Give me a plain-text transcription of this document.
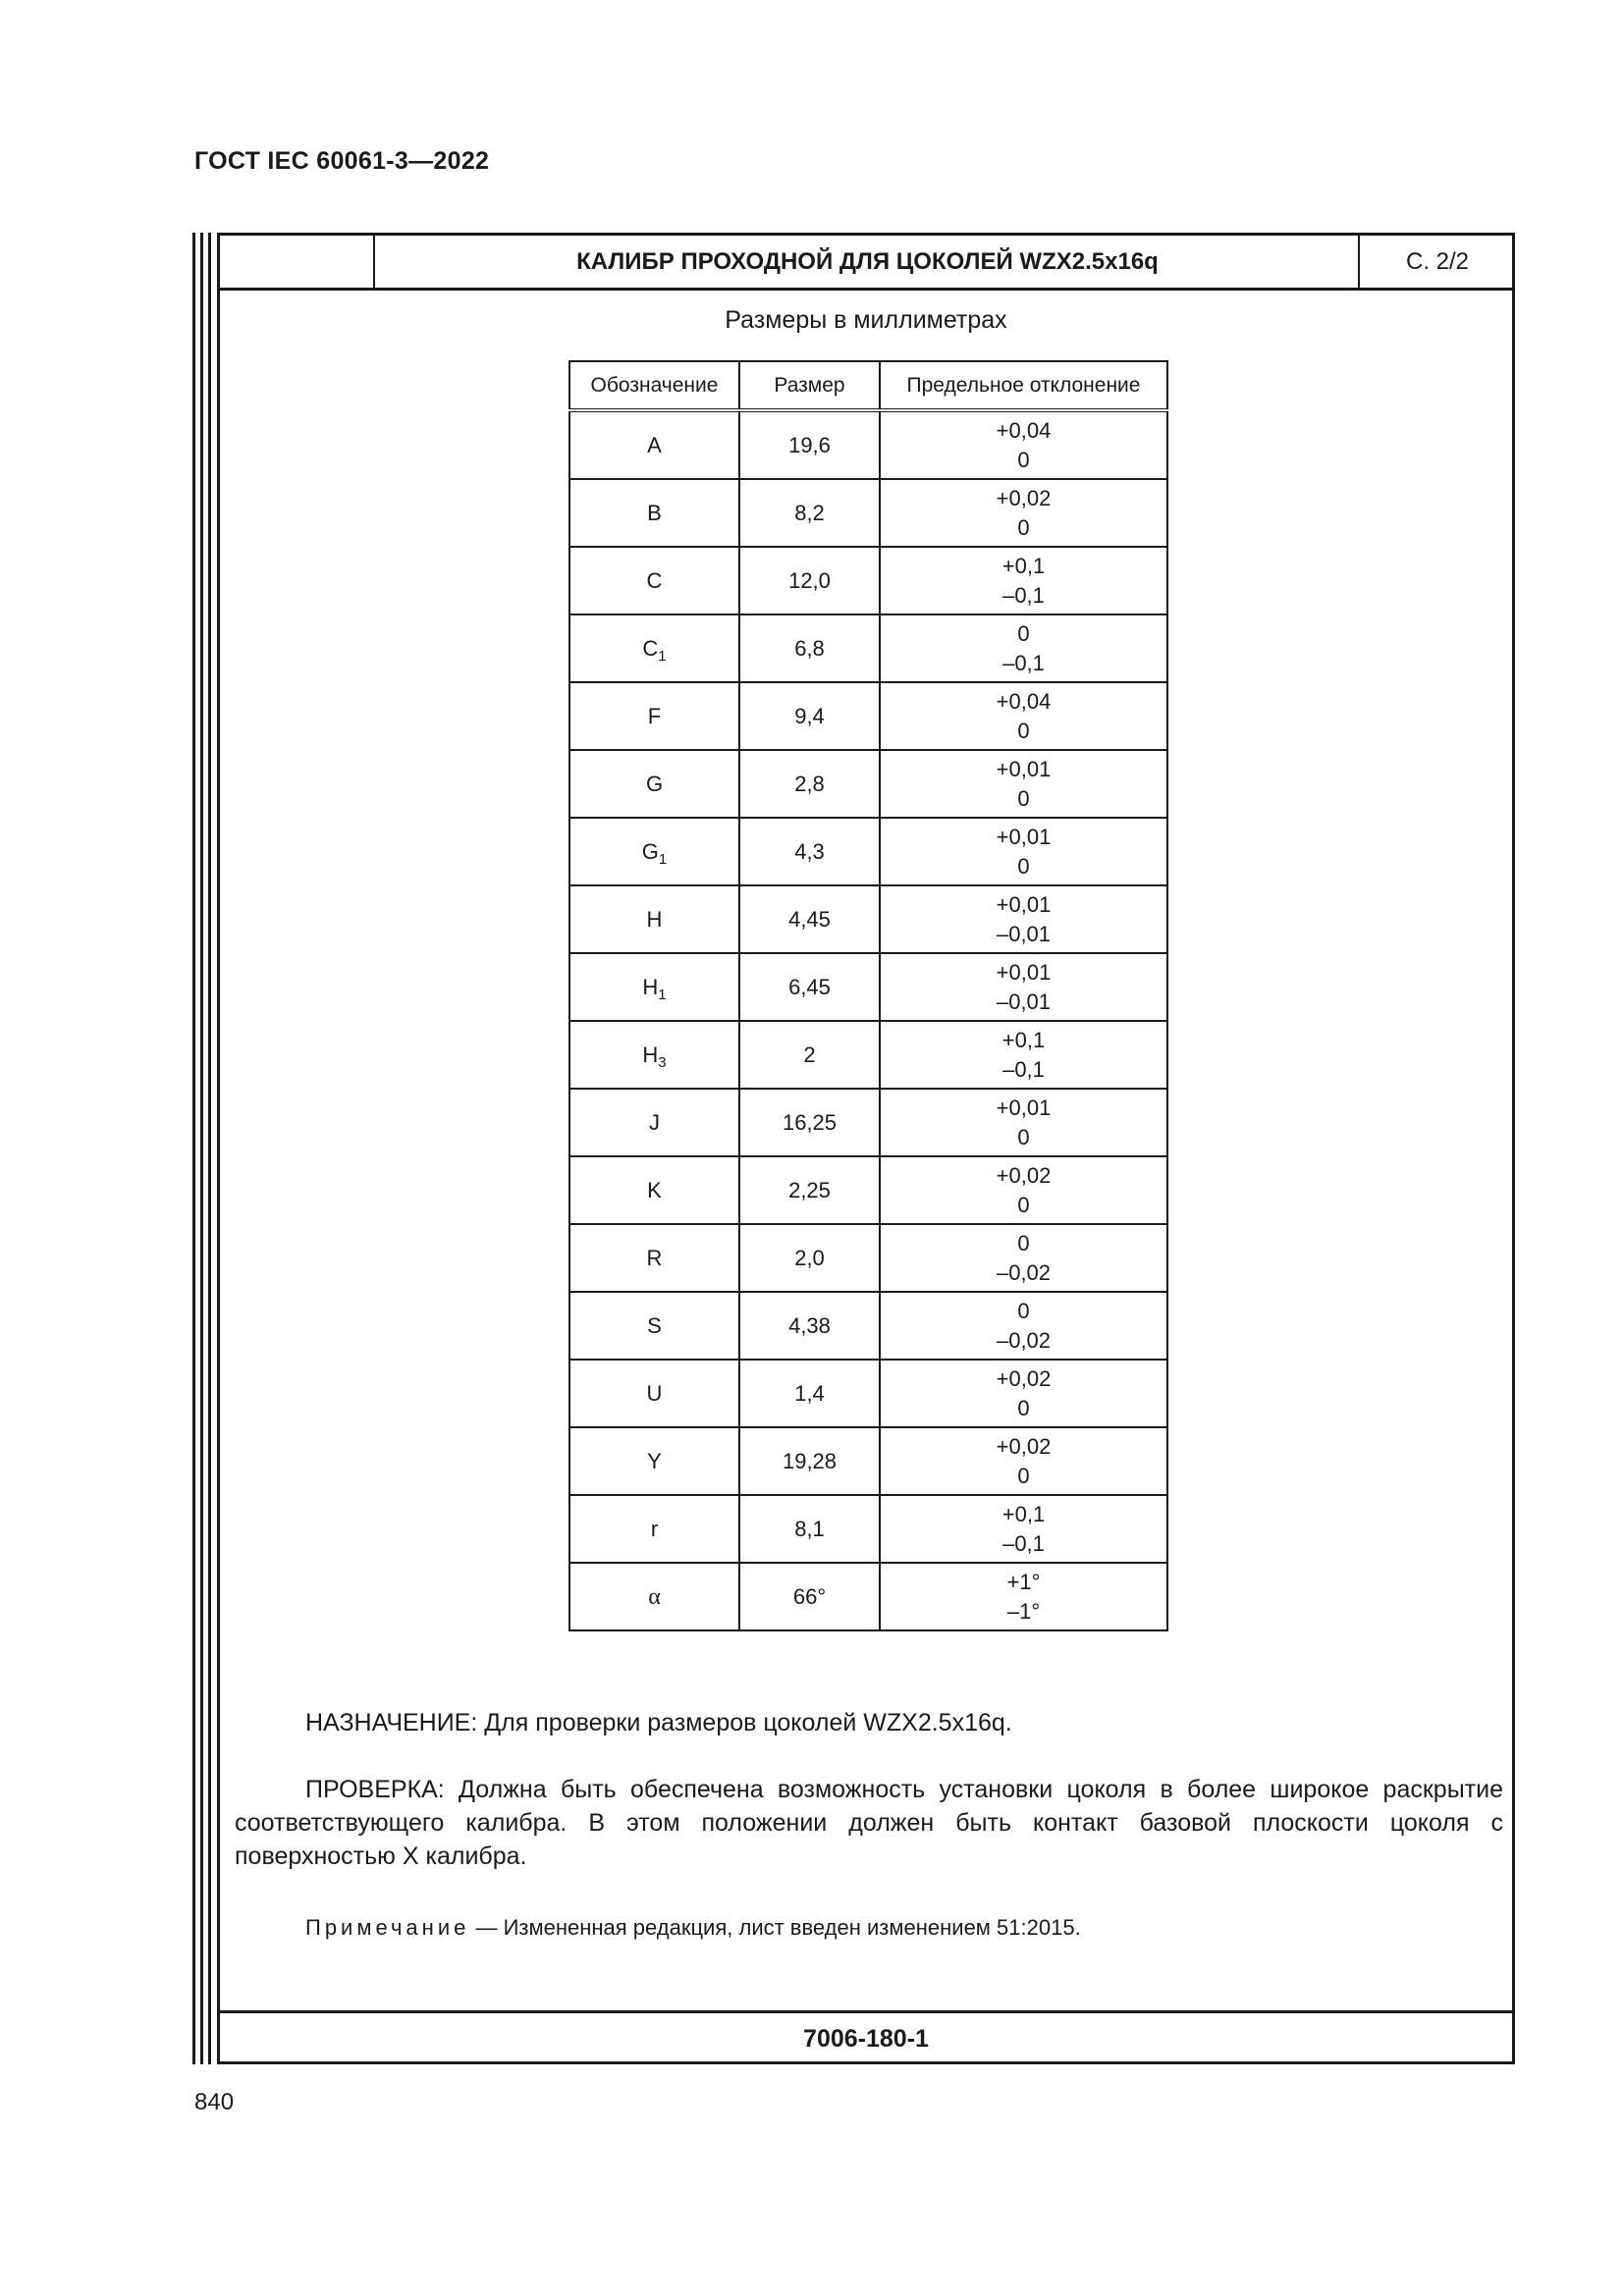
ГОСТ IEC 60061-3—2022
КАЛИБР ПРОХОДНОЙ ДЛЯ ЦОКОЛЕЙ WZX2.5x16q	С. 2/2
Размеры в миллиметрах
Обозначение	Размер	Предельное отклонение
A	19,6	+0,04
0

B	8,2	+0,02
0

C	12,0	+0,1
–0,1

$C_1$	6,8	0
–0,1

F	9,4	+0,04
0

G	2,8	+0,01
0

$G_1$	4,3	+0,01
0

H	4,45	+0,01
–0,01

$H_1$	6,45	+0,01
–0,01

$H_3$	2	+0,1
–0,1

J	16,25	+0,01
0

K	2,25	+0,02
0

R	2,0	0
–0,02

S	4,38	0
–0,02

U	1,4	+0,02
0

Y	19,28	+0,02
0

r	8,1	+0,1
–0,1

α	66°	+1°
–1°
НАЗНАЧЕНИЕ: Для проверки размеров цоколей WZX2.5x16q.
ПРОВЕРКА: Должна быть обеспечена возможность установки цоколя в более широкое раскрытие соответствующего калибра. В этом положении должен быть контакт базовой плоскости цоколя с поверхностью X калибра.
Примечание — Измененная редакция, лист введен изменением 51:2015.
7006-180-1
840
